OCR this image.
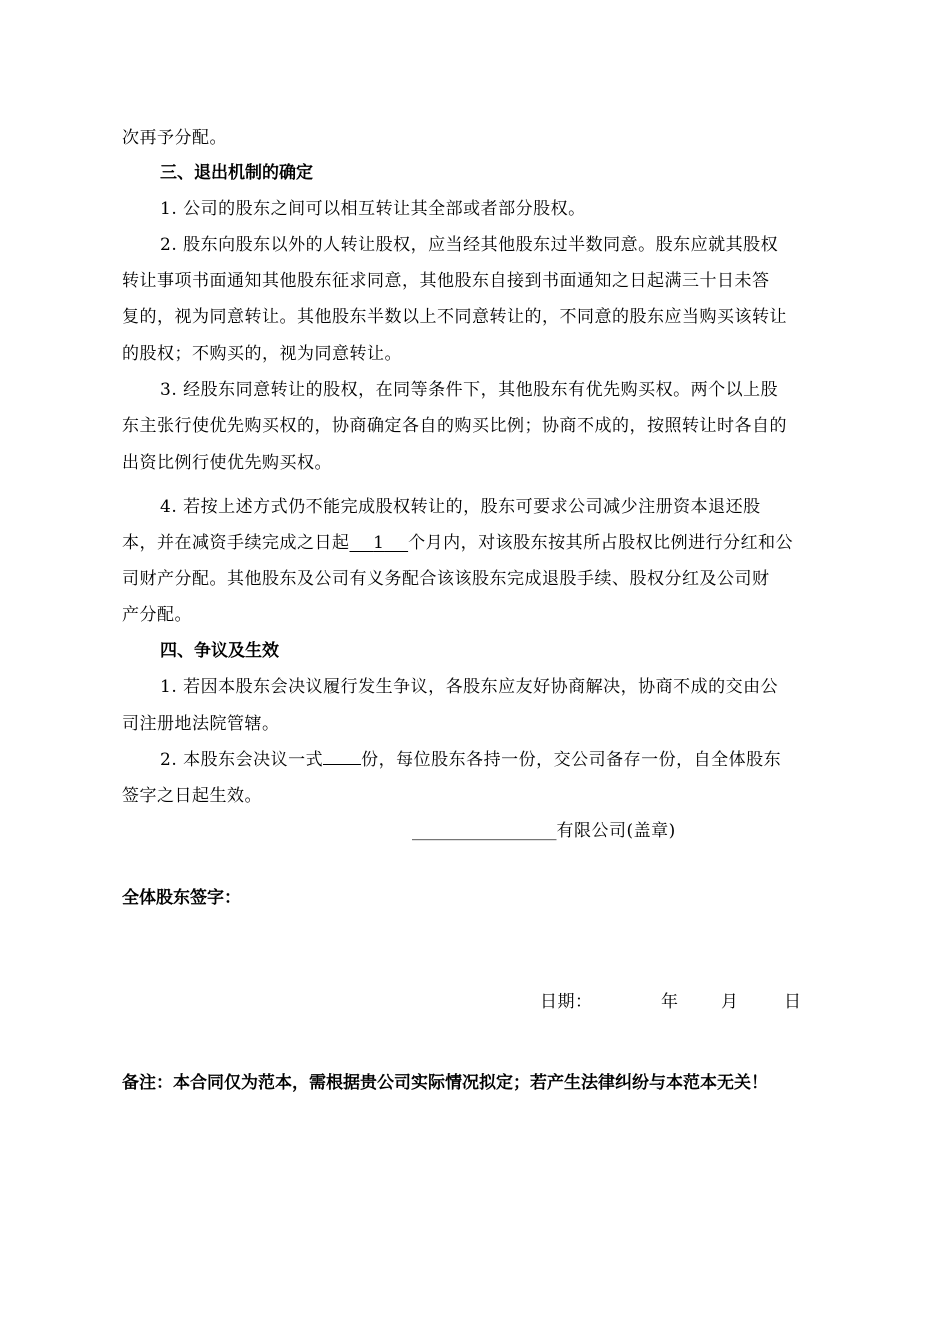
次再予分配。
三、退出机制的确定
1. 公司的股东之间可以相互转让其全部或者部分股权。
2. 股东向股东以外的人转让股权，应当经其他股东过半数同意。股东应就其股权
转让事项书面通知其他股东征求同意，其他股东自接到书面通知之日起满三十日未答
复的，视为同意转让。其他股东半数以上不同意转让的，不同意的股东应当购买该转让
的股权；不购买的，视为同意转让。
3. 经股东同意转让的股权，在同等条件下，其他股东有优先购买权。两个以上股
东主张行使优先购买权的，协商确定各自的购买比例；协商不成的，按照转让时各自的
出资比例行使优先购买权。
4. 若按上述方式仍不能完成股权转让的，股东可要求公司减少注册资本退还股
本，并在减资手续完成之日起 1 个月内，对该股东按其所占股权比例进行分红和公
司财产分配。其他股东及公司有义务配合该该股东完成退股手续、股权分红及公司财
产分配。
四、争议及生效
1. 若因本股东会决议履行发生争议，各股东应友好协商解决，协商不成的交由公
司注册地法院管辖。
2. 本股东会决议一式 份，每位股东各持一份，交公司备存一份，自全体股东
签字之日起生效。
_________________有限公司(盖章)
全体股东签字：
日期：	年	月	日
备注：本合同仅为范本，需根据贵公司实际情况拟定；若产生法律纠纷与本范本无关！
